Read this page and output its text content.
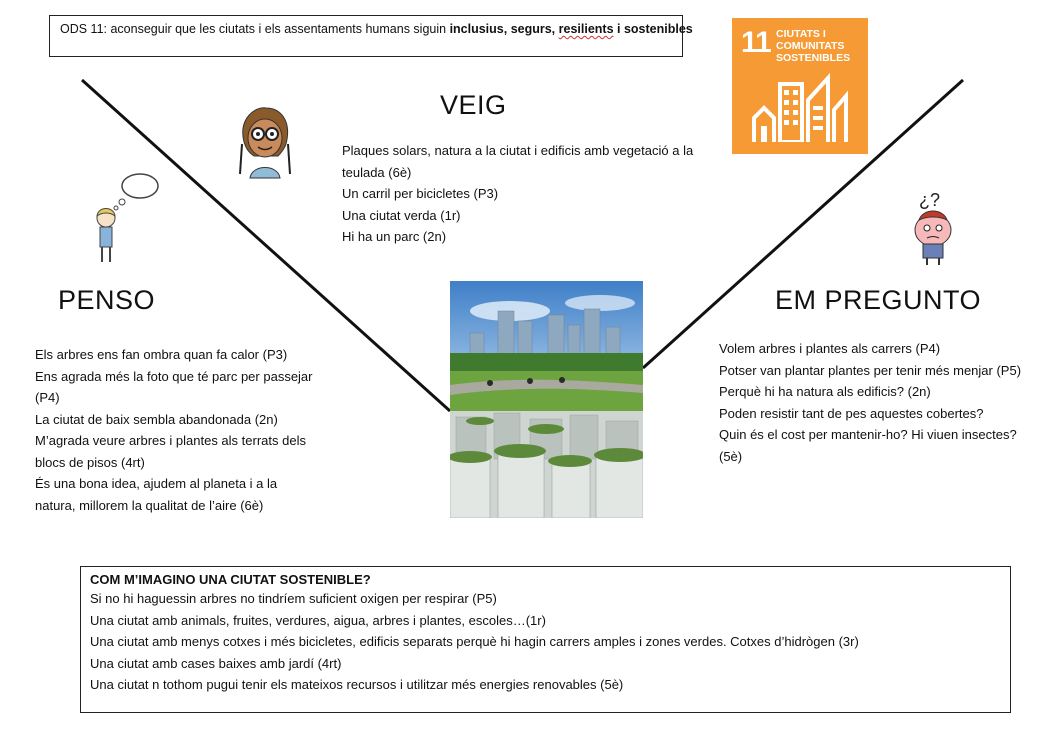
ODS 11: aconseguir que les ciutats i els assentaments humans siguin inclusius, segurs, resilients i sostenibles 11 CIUTATS I COMUNITATS
SOSTENIBLES
¿?
VEIG

Plaques solars, natura a la ciutat i edificis amb vegetació a la teulada (6è)

Un carril per bicicletes (P3)

Una ciutat verda (1r)

Hi ha un parc (2n)

PENSO

Els arbres ens fan ombra quan fa calor (P3)

Ens agrada més la foto que té parc per passejar (P4)

La ciutat de baix sembla abandonada (2n)

M’agrada veure arbres i plantes als terrats dels blocs de pisos (4rt)

És una bona idea, ajudem al planeta i a la natura, millorem la qualitat de l’aire (6è)

EM PREGUNTO

Volem arbres i plantes als carrers (P4)

Potser van plantar plantes per tenir més menjar (P5)

Perquè hi ha natura als edificis? (2n)

Poden resistir tant de pes aquestes cobertes?

Quin és el cost per mantenir-ho? Hi viuen insectes? (5è)

COM M’IMAGINO UNA CIUTAT SOSTENIBLE?

Si no hi haguessin arbres no tindríem suficient oxigen per respirar (P5)

Una ciutat amb animals, fruites, verdures, aigua, arbres i plantes, escoles…(1r)

Una ciutat amb menys cotxes i més bicicletes, edificis separats perquè hi hagin carrers amples i zones verdes. Cotxes d’hidrògen (3r)

Una ciutat amb cases baixes amb jardí (4rt)

Una ciutat n tothom pugui tenir els mateixos recursos i utilitzar més energies renovables (5è)
